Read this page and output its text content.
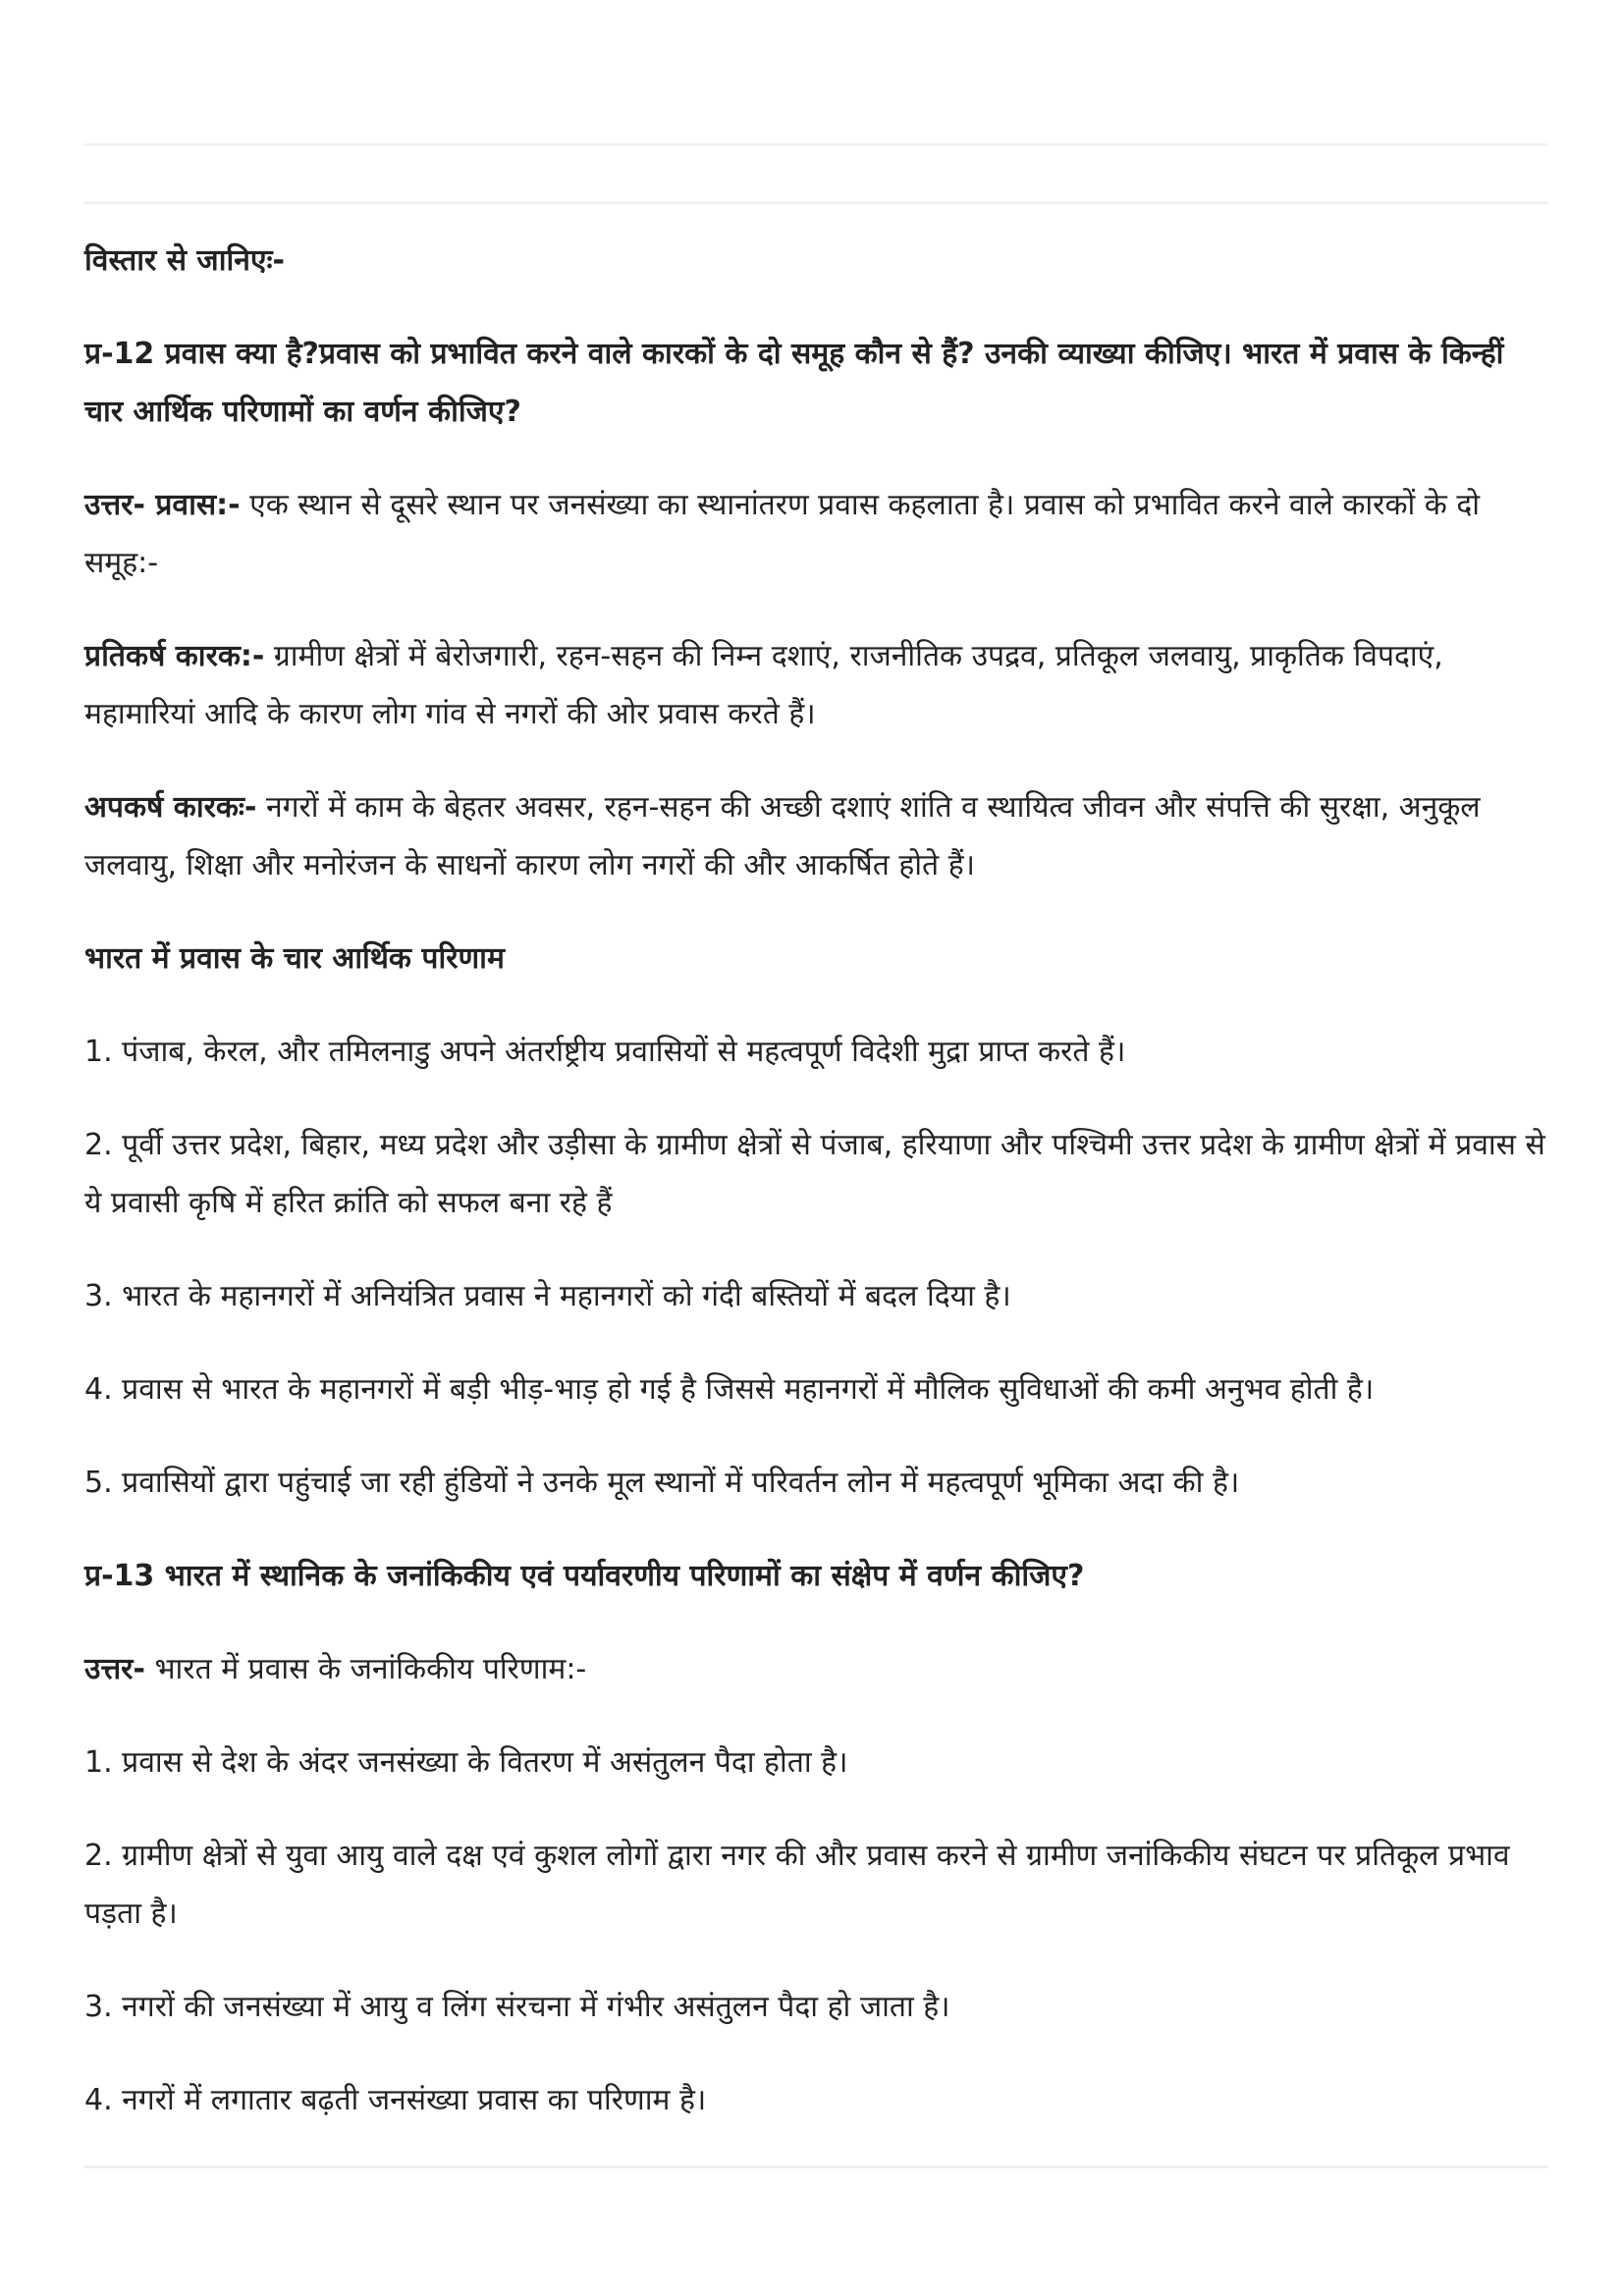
विस्तार से जानिएः-

प्र-12 प्रवास क्या है?प्रवास को प्रभावित करने वाले कारकों के दो समूह कौन से हैं? उनकी व्याख्या कीजिए। भारत में प्रवास के किन्हीं चार आर्थिक परिणामों का वर्णन कीजिए?

उत्तर- प्रवास:- एक स्थान से दूसरे स्थान पर जनसंख्या का स्थानांतरण प्रवास कहलाता है। प्रवास को प्रभावित करने वाले कारकों के दो समूह:-

प्रतिकर्ष कारक:- ग्रामीण क्षेत्रों में बेरोजगारी, रहन-सहन की निम्न दशाएं, राजनीतिक उपद्रव, प्रतिकूल जलवायु, प्राकृतिक विपदाएं, महामारियां आदि के कारण लोग गांव से नगरों की ओर प्रवास करते हैं।

अपकर्ष कारकः- नगरों में काम के बेहतर अवसर, रहन-सहन की अच्छी दशाएं शांति व स्थायित्व जीवन और संपत्ति की सुरक्षा, अनुकूल जलवायु, शिक्षा और मनोरंजन के साधनों कारण लोग नगरों की और आकर्षित होते हैं।

भारत में प्रवास के चार आर्थिक परिणाम

1. पंजाब, केरल, और तमिलनाडु अपने अंतर्राष्ट्रीय प्रवासियों से महत्वपूर्ण विदेशी मुद्रा प्राप्त करते हैं।

2. पूर्वी उत्तर प्रदेश, बिहार, मध्य प्रदेश और उड़ीसा के ग्रामीण क्षेत्रों से पंजाब, हरियाणा और पश्चिमी उत्तर प्रदेश के ग्रामीण क्षेत्रों में प्रवास से ये प्रवासी कृषि में हरित क्रांति को सफल बना रहे हैं

3. भारत के महानगरों में अनियंत्रित प्रवास ने महानगरों को गंदी बस्तियों में बदल दिया है।

4. प्रवास से भारत के महानगरों में बड़ी भीड़-भाड़ हो गई है जिससे महानगरों में मौलिक सुविधाओं की कमी अनुभव होती है।

5. प्रवासियों द्वारा पहुंचाई जा रही हुंडियों ने उनके मूल स्थानों में परिवर्तन लोन में महत्वपूर्ण भूमिका अदा की है।

प्र-13 भारत में स्थानिक के जनांकिकीय एवं पर्यावरणीय परिणामों का संक्षेप में वर्णन कीजिए?

उत्तर- भारत में प्रवास के जनांकिकीय परिणाम:-

1. प्रवास से देश के अंदर जनसंख्या के वितरण में असंतुलन पैदा होता है।

2. ग्रामीण क्षेत्रों से युवा आयु वाले दक्ष एवं कुशल लोगों द्वारा नगर की और प्रवास करने से ग्रामीण जनांकिकीय संघटन पर प्रतिकूल प्रभाव पड़ता है।

3. नगरों की जनसंख्या में आयु व लिंग संरचना में गंभीर असंतुलन पैदा हो जाता है।

4. नगरों में लगातार बढ़ती जनसंख्या प्रवास का परिणाम है।
